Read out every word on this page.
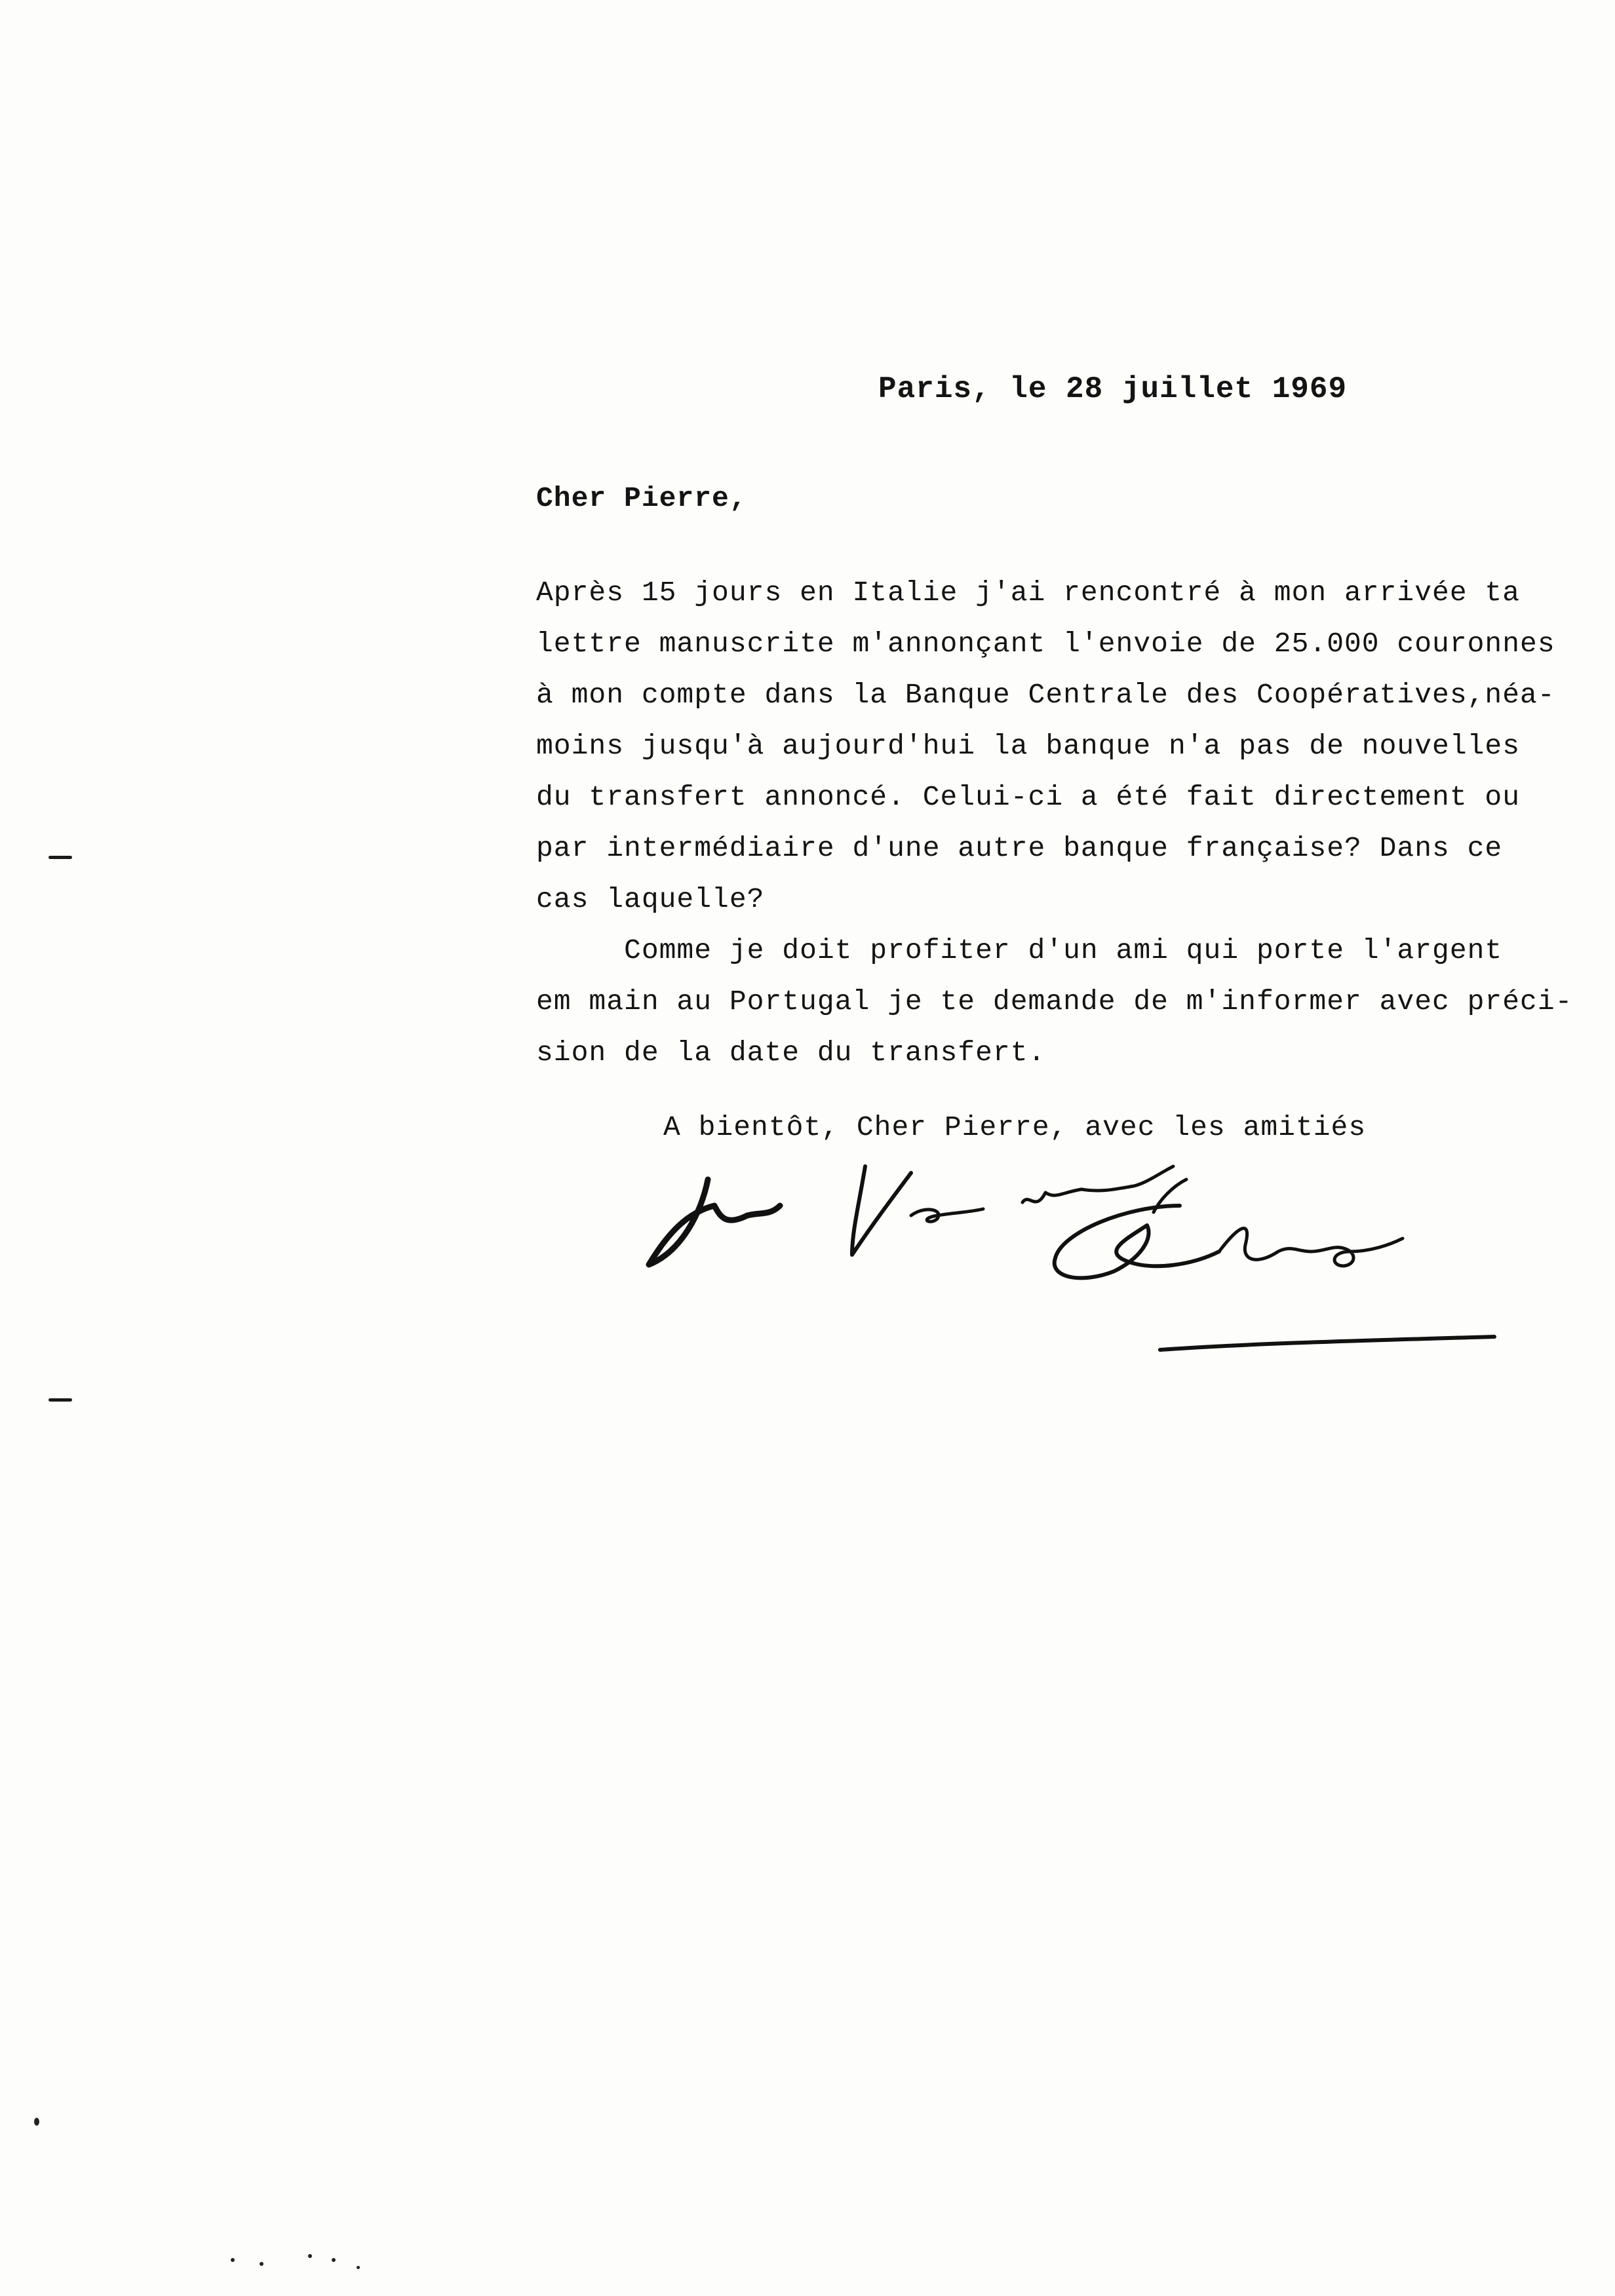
Paris, le 28 juillet 1969

Cher Pierre,

Après 15 jours en Italie j'ai rencontré à mon arrivée ta

lettre manuscrite m'annonçant l'envoie de 25.000 couronnes

à mon compte dans la Banque Centrale des Coopératives,néa-

moins jusqu'à aujourd'hui la banque n'a pas de nouvelles

du transfert annoncé. Celui-ci a été fait directement ou

par intermédiaire d'une autre banque française? Dans ce

cas laquelle?

Comme je doit profiter d'un ami qui porte l'argent

em main au Portugal je te demande de m'informer avec préci-

sion de la date du transfert.

A bientôt, Cher Pierre, avec les amitiés
